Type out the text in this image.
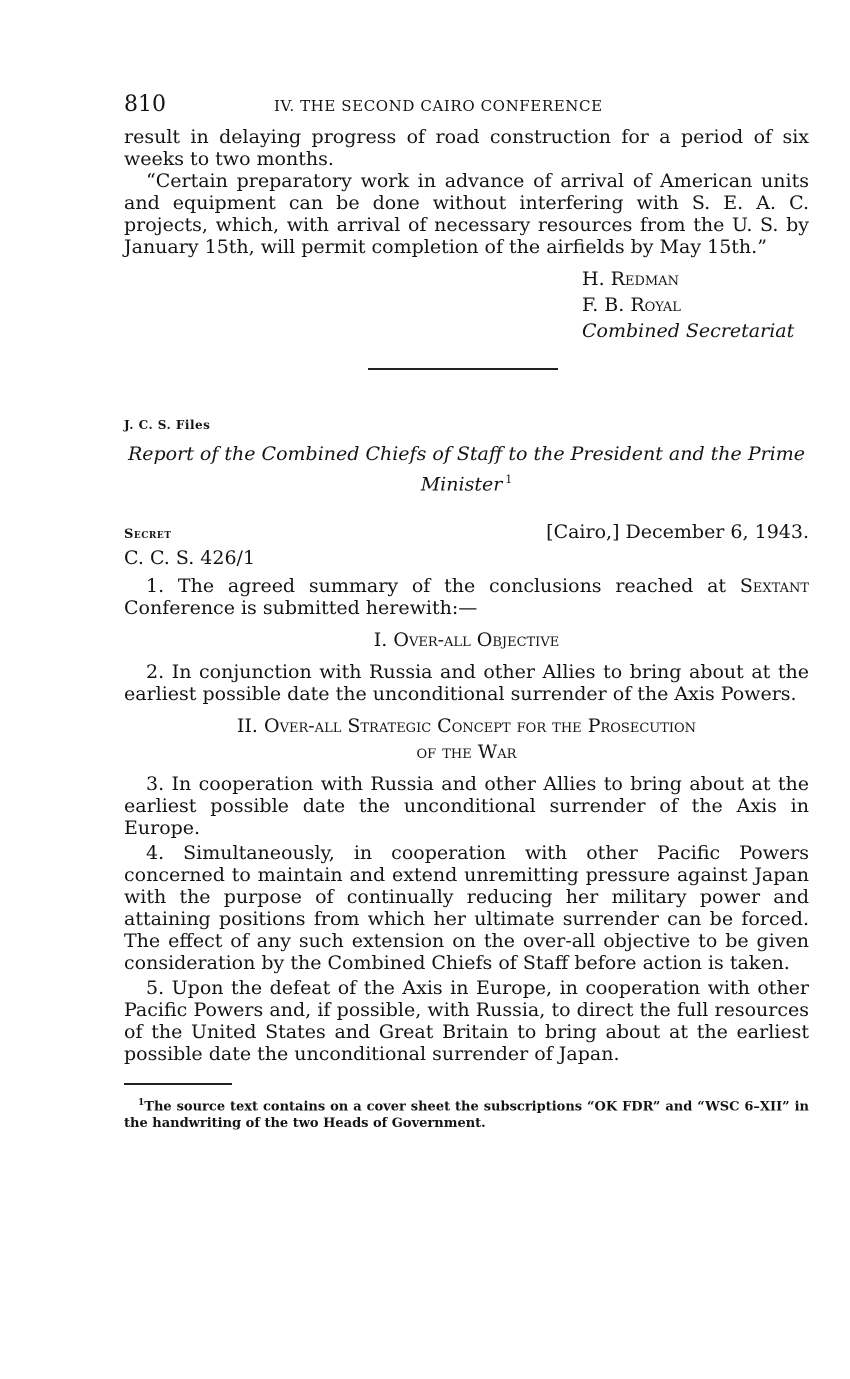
810	IV. THE SECOND CAIRO CONFERENCE

result in delaying progress of road construction for a period of six weeks to two months.

“Certain preparatory work in advance of arrival of American units and equipment can be done without interfering with S. E. A. C. projects, which, with arrival of necessary resources from the U. S. by January 15th, will permit completion of the airfields by May 15th.”

H. Redman
F. B. Royal
Combined Secretariat
J. C. S. Files
Report of the Combined Chiefs of Staff to the President and the Prime Minister $^1$
Secret	[Cairo,] December 6, 1943.
C. C. S. 426/1

1. The agreed summary of the conclusions reached at Sextant Conference is submitted herewith:—

I. Over-all Objective

2. In conjunction with Russia and other Allies to bring about at the earliest possible date the unconditional surrender of the Axis Powers.

II. Over-all Strategic Concept for the Prosecution
of the War

3. In cooperation with Russia and other Allies to bring about at the earliest possible date the unconditional surrender of the Axis in Europe.

4. Simultaneously, in cooperation with other Pacific Powers concerned to maintain and extend unremitting pressure against Japan with the purpose of continually reducing her military power and attaining positions from which her ultimate surrender can be forced. The effect of any such extension on the over-all objective to be given consideration by the Combined Chiefs of Staff before action is taken.

5. Upon the defeat of the Axis in Europe, in cooperation with other Pacific Powers and, if possible, with Russia, to direct the full resources of the United States and Great Britain to bring about at the earliest possible date the unconditional surrender of Japan.

$^1$The source text contains on a cover sheet the subscriptions “OK FDR” and “WSC 6–XII” in the handwriting of the two Heads of Government.
